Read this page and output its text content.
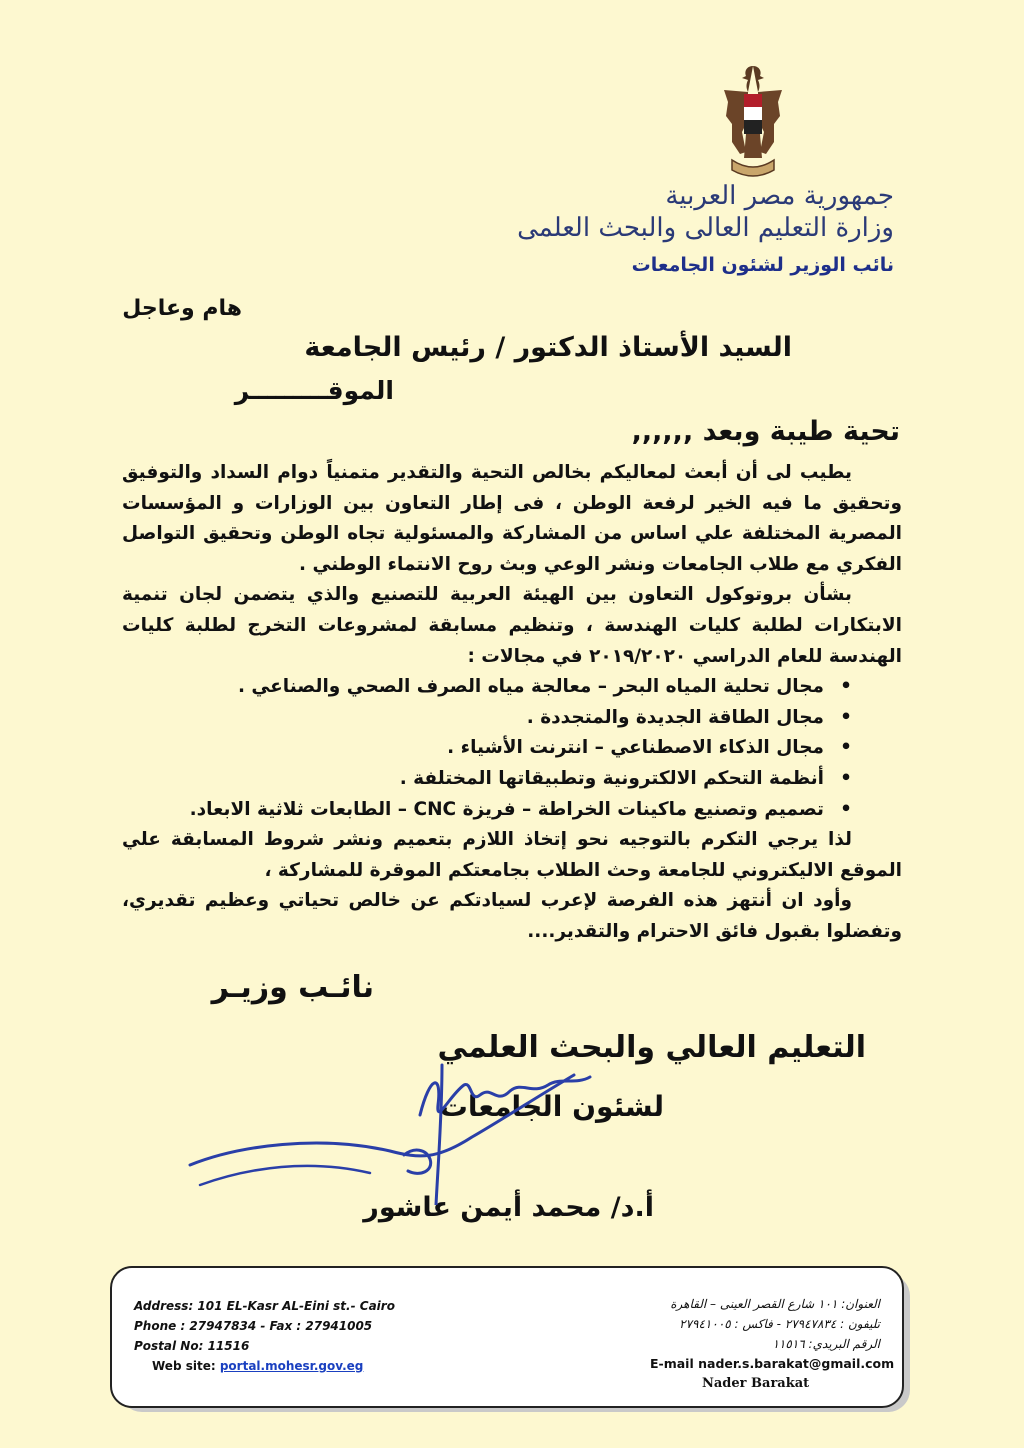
جمهورية مصر العربية
وزارة التعليم العالى والبحث العلمى
نائب الوزير لشئون الجامعات
هام وعاجل
السيد الأستاذ الدكتور / رئيس الجامعة
الموقـــــــــر
تحية طيبة وبعد ,,,,,,

يطيب لى أن أبعث لمعاليكم بخالص التحية والتقدير متمنياً دوام السداد والتوفيق وتحقيق ما فيه الخير لرفعة الوطن ، فى إطار التعاون بين الوزارات و المؤسسات المصرية المختلفة علي اساس من المشاركة والمسئولية تجاه الوطن وتحقيق التواصل الفكري مع طلاب الجامعات ونشر الوعي وبث روح الانتماء الوطني .

بشأن بروتوكول التعاون بين الهيئة العربية للتصنيع والذي يتضمن لجان تنمية الابتكارات لطلبة كليات الهندسة ، وتنظيم مسابقة لمشروعات التخرج لطلبة كليات الهندسة للعام الدراسي ٢٠١٩/٢٠٢٠ في مجالات :

•
مجال تحلية المياه البحر – معالجة مياه الصرف الصحي والصناعي .
•
مجال الطاقة الجديدة والمتجددة .
•
مجال الذكاء الاصطناعي – انترنت الأشياء .
•
أنظمة التحكم الالكترونية وتطبيقاتها المختلفة .
•
تصميم وتصنيع ماكينات الخراطة – فريزة CNC – الطابعات ثلاثية الابعاد.

لذا يرجي التكرم بالتوجيه نحو إتخاذ اللازم بتعميم ونشر شروط المسابقة علي الموقع الاليكتروني للجامعة وحث الطلاب بجامعتكم الموقرة للمشاركة ،

وأود ان أنتهز هذه الفرصة لإعرب لسيادتكم عن خالص تحياتي وعظيم تقديري، وتفضلوا بقبول فائق الاحترام والتقدير....

نائـب وزيـر
التعليم العالي والبحث العلمي
لشئون الجامعات
أ.د/ محمد أيمن عاشور
Address: 101 EL-Kasr AL-Eini st.- Cairo
Phone : 27947834 - Fax : 27941005
Postal No: 11516
Web site: portal.mohesr.gov.eg
العنوان: ١٠١ شارع القصر العينى – القاهرة
تليفون : ٢٧٩٤٧٨٣٤ - فاكس : ٢٧٩٤١٠٠٥
الرقم البريدي: ١١٥١٦
E-mail nader.s.barakat@gmail.com
Nader Barakat
